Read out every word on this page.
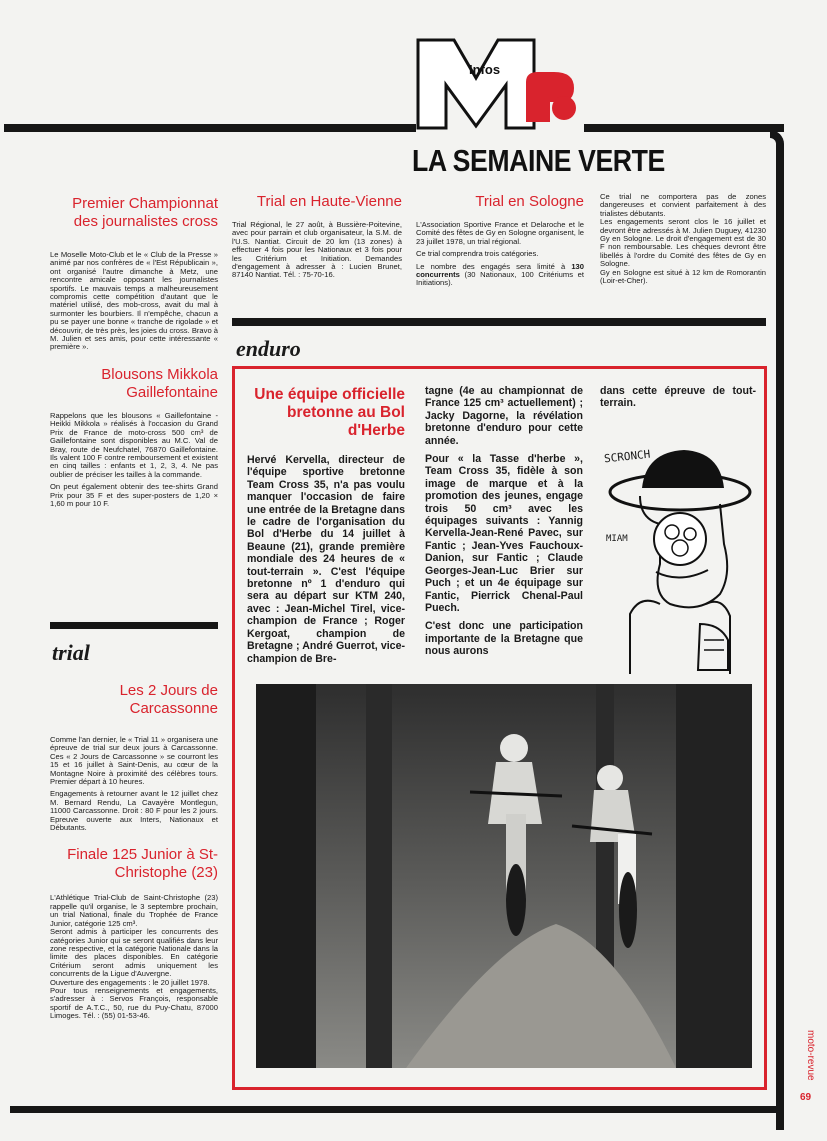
Infos
LA SEMAINE VERTE
Premier Championnat des journalistes cross

Le Moselle Moto-Club et le « Club de la Presse » animé par nos confrères de « l'Est Républicain », ont organisé l'autre dimanche à Metz, une rencontre amicale opposant les journalistes sportifs. Le mauvais temps a malheureusement compromis cette compétition d'autant que le matériel utilisé, des mob-cross, avait du mal à surmonter les bourbiers. Il n'empêche, chacun a pu se payer une bonne « tranche de rigolade » et découvrir, de très près, les joies du cross. Bravo à M. Julien et ses amis, pour cette intéressante « première ».

Blousons Mikkola Gaillefontaine

Rappelons que les blousons « Gaillefontaine - Heikki Mikkola » réalisés à l'occasion du Grand Prix de France de moto-cross 500 cm³ de Gaillefontaine sont disponibles au M.C. Val de Bray, route de Neufchatel, 76870 Gaillefontaine. Ils valent 100 F contre remboursement et existent en cinq tailles : enfants et 1, 2, 3, 4. Ne pas oublier de préciser les tailles à la commande.

On peut également obtenir des tee-shirts Grand Prix pour 35 F et des super-posters de 1,20 × 1,60 m pour 10 F.

trial
Les 2 Jours de Carcassonne

Comme l'an dernier, le « Trial 11 » organisera une épreuve de trial sur deux jours à Carcassonne. Ces « 2 Jours de Carcassonne » se courront les 15 et 16 juillet à Saint-Denis, au cœur de la Montagne Noire à proximité des célèbres tours. Premier départ à 10 heures.

Engagements à retourner avant le 12 juillet chez M. Bernard Rendu, La Cavayère Montlegun, 11000 Carcassonne. Droit : 80 F pour les 2 jours. Epreuve ouverte aux Inters, Nationaux et Débutants.

Finale 125 Junior à St-Christophe (23)

L'Athlétique Trial-Club de Saint-Christophe (23) rappelle qu'il organise, le 3 septembre prochain, un trial National, finale du Trophée de France Junior, catégorie 125 cm³.

Seront admis à participer les concurrents des catégories Junior qui se seront qualifiés dans leur zone respective, et la catégorie Nationale dans la limite des places disponibles. En catégorie Critérium seront admis uniquement les concurrents de la Ligue d'Auvergne.

Ouverture des engagements : le 20 juillet 1978.

Pour tous renseignements et engagements, s'adresser à : Servos François, responsable sportif de A.T.C., 50, rue du Puy-Chatu, 87000 Limoges. Tél. : (55) 01-53-46.

Trial en Haute-Vienne

Trial Régional, le 27 août, à Bussière-Poitevine, avec pour parrain et club organisateur, la S.M. de l'U.S. Nantiat. Circuit de 20 km (13 zones) à effectuer 4 fois pour les Nationaux et 3 fois pour les Critérium et Initiation. Demandes d'engagement à adresser à : Lucien Brunet, 87140 Nantiat. Tél. : 75-70-16.

Trial en Sologne

L'Association Sportive France et Delaroche et le Comité des fêtes de Gy en Sologne organisent, le 23 juillet 1978, un trial régional.

Ce trial comprendra trois catégories.

Le nombre des engagés sera limité à 130 concurrents (30 Nationaux, 100 Critériums et Initiations).

Ce trial ne comportera pas de zones dangereuses et convient parfaitement à des trialistes débutants.

Les engagements seront clos le 16 juillet et devront être adressés à M. Julien Duguey, 41230 Gy en Sologne. Le droit d'engagement est de 30 F non remboursable. Les chèques devront être libellés à l'ordre du Comité des fêtes de Gy en Sologne.

Gy en Sologne est situé à 12 km de Romorantin (Loir-et-Cher).

enduro
Une équipe officielle bretonne au Bol d'Herbe

Hervé Kervella, directeur de l'équipe sportive bretonne Team Cross 35, n'a pas voulu manquer l'occasion de faire une entrée de la Bretagne dans le cadre de l'organisation du Bol d'Herbe du 14 juillet à Beaune (21), grande première mondiale des 24 heures de « tout-terrain ». C'est l'équipe bretonne nº 1 d'enduro qui sera au départ sur KTM 240, avec : Jean-Michel Tirel, vice-champion de France ; Roger Kergoat, champion de Bretagne ; André Guerrot, vice-champion de Bre-

tagne (4e au championnat de France 125 cm³ actuellement) ; Jacky Dagorne, la révélation bretonne d'enduro pour cette année.

Pour « la Tasse d'herbe », Team Cross 35, fidèle à son image de marque et à la promotion des jeunes, engage trois 50 cm³ avec les équipages suivants : Yannig Kervella-Jean-René Pavec, sur Fantic ; Jean-Yves Fauchoux-Danion, sur Fantic ; Claude Georges-Jean-Luc Brier sur Puch ; et un 4e équipage sur Fantic, Pierrick Chenal-Paul Puech.

C'est donc une participation importante de la Bretagne que nous aurons

dans cette épreuve de tout-terrain.

SCRONCH
MIAM
moto-revue
69
